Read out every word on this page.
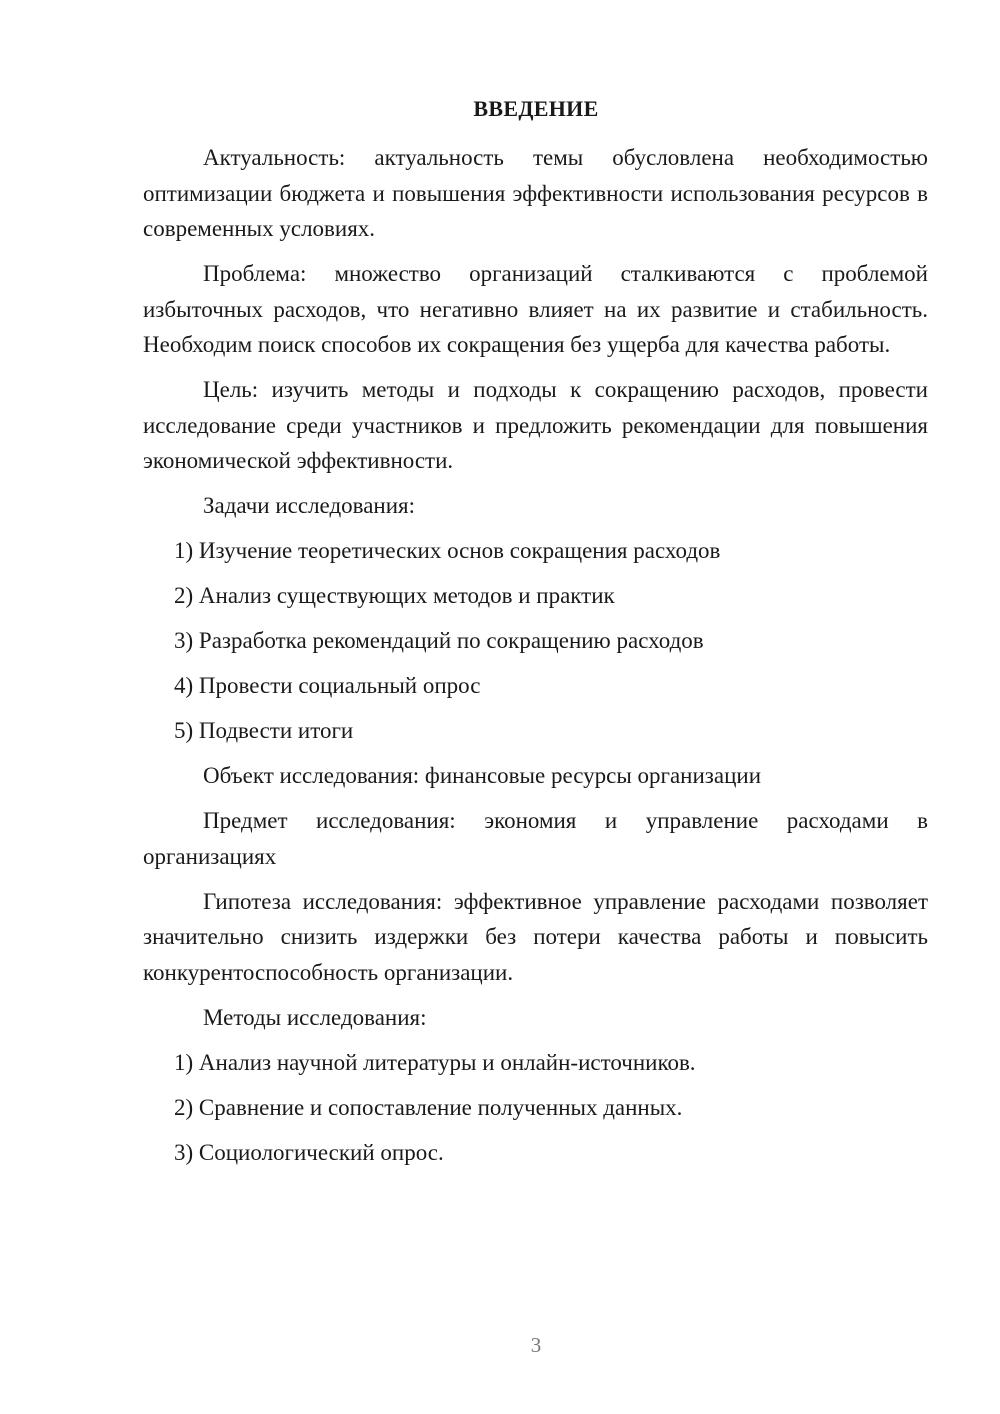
ВВЕДЕНИЕ

Актуальность: актуальность темы обусловлена необходимостью оптимизации бюджета и повышения эффективности использования ресурсов в современных условиях.

Проблема: множество организаций сталкиваются с проблемой избыточных расходов, что негативно влияет на их развитие и стабильность. Необходим поиск способов их сокращения без ущерба для качества работы.

Цель: изучить методы и подходы к сокращению расходов, провести исследование среди участников и предложить рекомендации для повышения экономической эффективности.

Задачи исследования:
1) Изучение теоретических основ сокращения расходов
2) Анализ существующих методов и практик
3) Разработка рекомендаций по сокращению расходов
4) Провести социальный опрос
5) Подвести итоги

Объект исследования: финансовые ресурсы организации

Предмет исследования: экономия и управление расходами в организациях

Гипотеза исследования: эффективное управление расходами позволяет значительно снизить издержки без потери качества работы и повысить конкурентоспособность организации.

Методы исследования:
1) Анализ научной литературы и онлайн-источников.
2) Сравнение и сопоставление полученных данных.
3) Социологический опрос.
3
